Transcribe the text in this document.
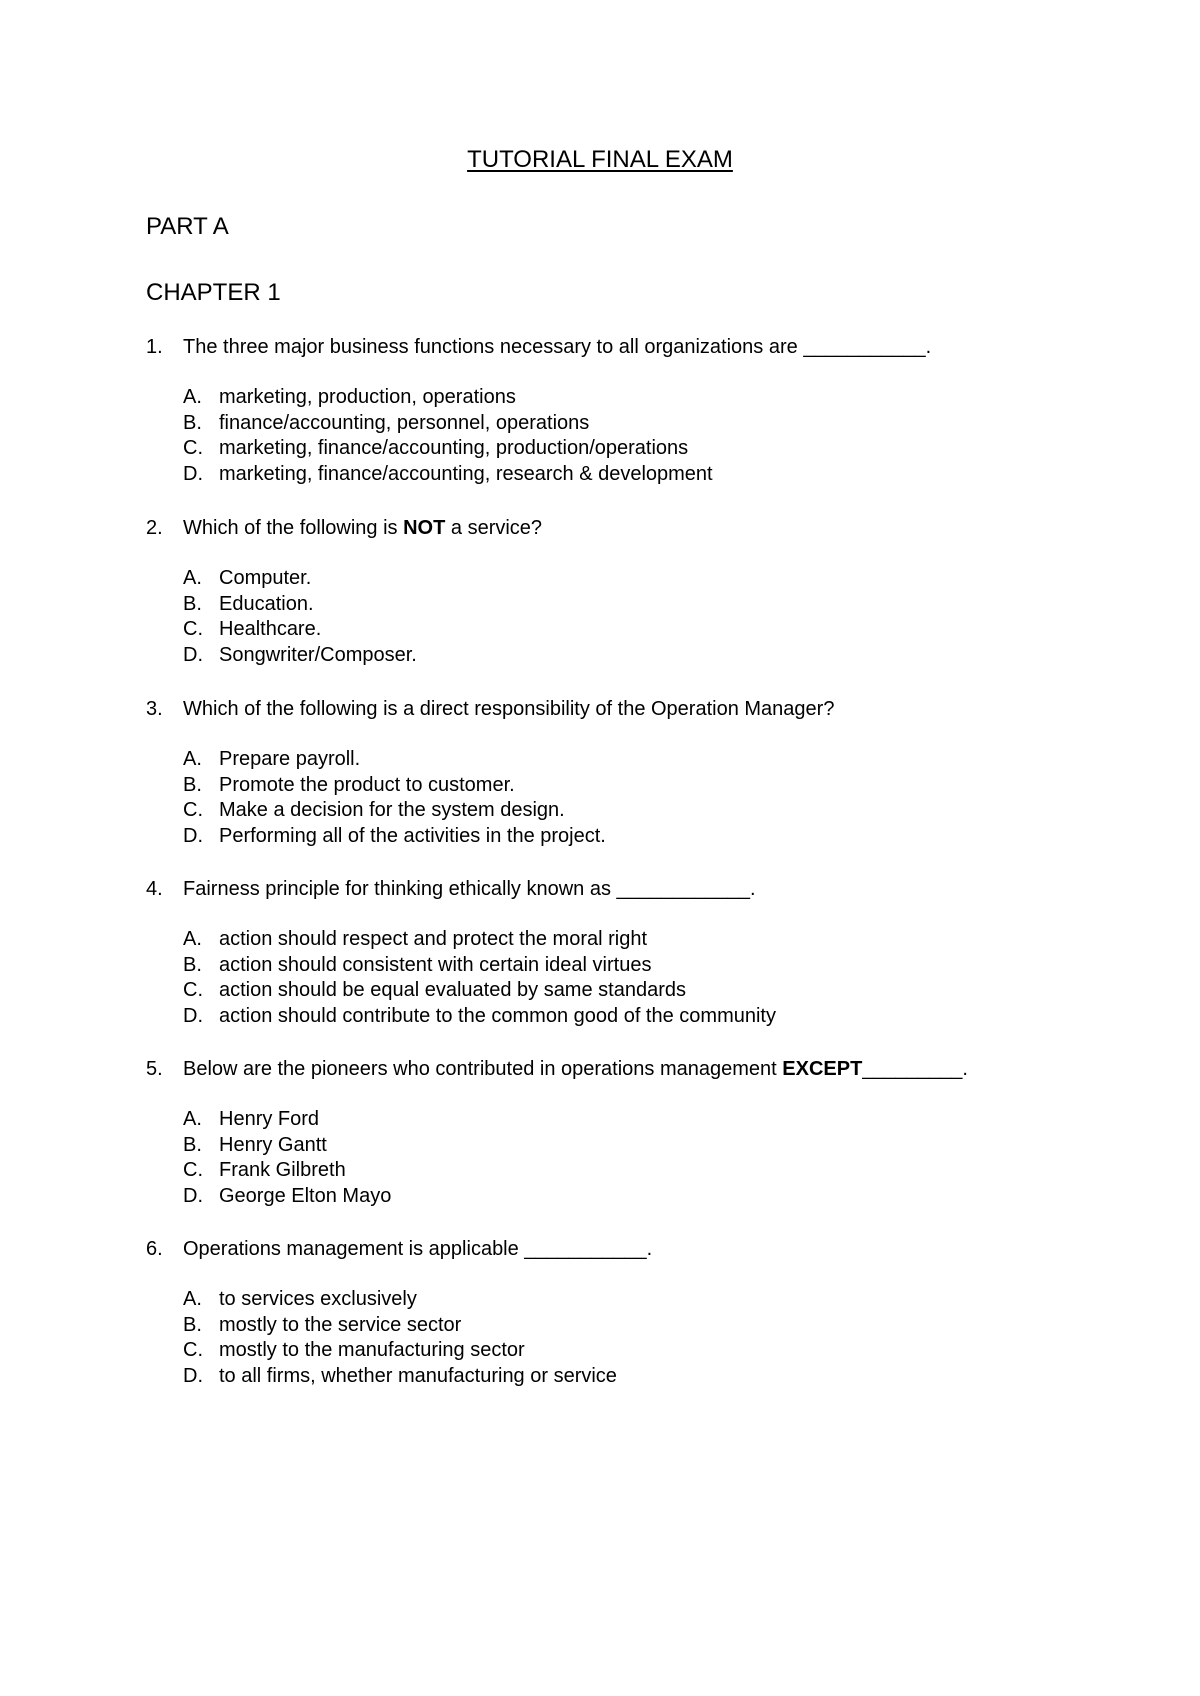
TUTORIAL FINAL EXAM
PART A
CHAPTER 1
1. The three major business functions necessary to all organizations are ___________.
A. marketing, production, operations
B. finance/accounting, personnel, operations
C. marketing, finance/accounting, production/operations
D. marketing, finance/accounting, research & development
2. Which of the following is NOT a service?
A. Computer.
B. Education.
C. Healthcare.
D. Songwriter/Composer.
3. Which of the following is a direct responsibility of the Operation Manager?
A. Prepare payroll.
B. Promote the product to customer.
C. Make a decision for the system design.
D. Performing all of the activities in the project.
4. Fairness principle for thinking ethically known as ____________.
A. action should respect and protect the moral right
B. action should consistent with certain ideal virtues
C. action should be equal evaluated by same standards
D. action should contribute to the common good of the community
5. Below are the pioneers who contributed in operations management EXCEPT_________.
A. Henry Ford
B. Henry Gantt
C. Frank Gilbreth
D. George Elton Mayo
6. Operations management is applicable ___________.
A. to services exclusively
B. mostly to the service sector
C. mostly to the manufacturing sector
D. to all firms, whether manufacturing or service
